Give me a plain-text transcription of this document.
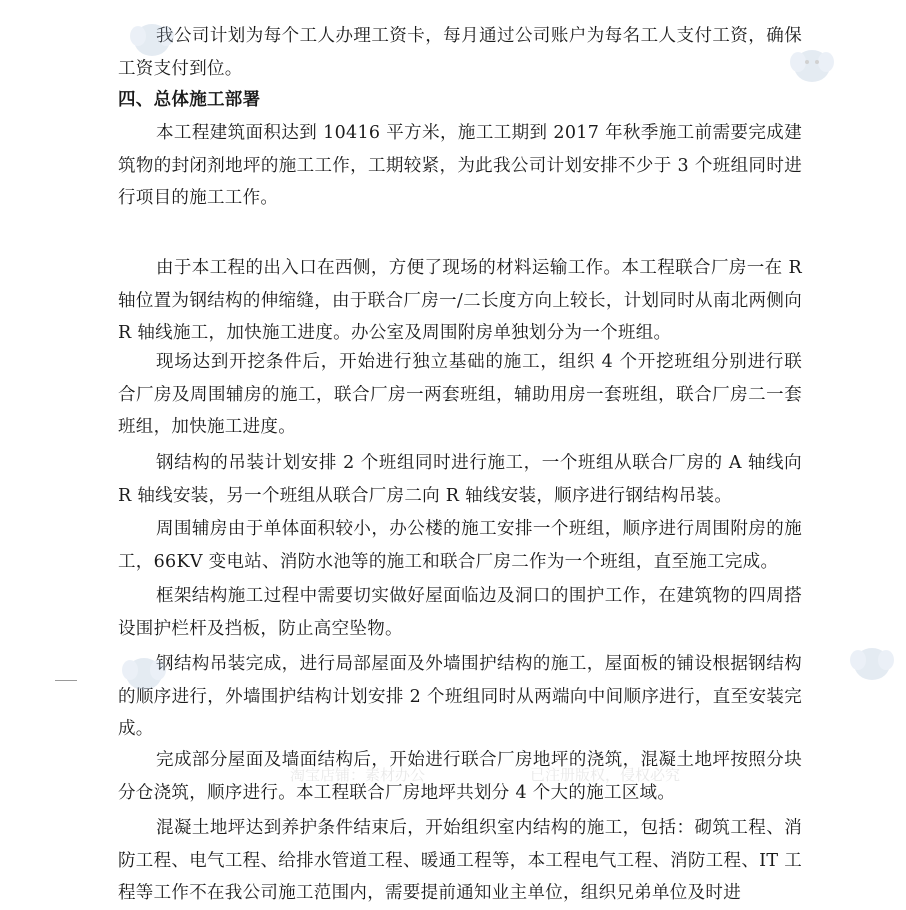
我公司计划为每个工人办理工资卡，每月通过公司账户为每名工人支付工资，确保工资支付到位。

四、总体施工部署

本工程建筑面积达到 10416 平方米，施工工期到 2017 年秋季施工前需要完成建筑物的封闭剂地坪的施工工作，工期较紧，为此我公司计划安排不少于 3 个班组同时进行项目的施工工作。

由于本工程的出入口在西侧，方便了现场的材料运输工作。本工程联合厂房一在 R 轴位置为钢结构的伸缩缝，由于联合厂房一/二长度方向上较长，计划同时从南北两侧向 R 轴线施工，加快施工进度。办公室及周围附房单独划分为一个班组。

现场达到开挖条件后，开始进行独立基础的施工，组织 4 个开挖班组分别进行联合厂房及周围辅房的施工，联合厂房一两套班组，辅助用房一套班组，联合厂房二一套班组，加快施工进度。

钢结构的吊装计划安排 2 个班组同时进行施工，一个班组从联合厂房的 A 轴线向 R 轴线安装，另一个班组从联合厂房二向 R 轴线安装，顺序进行钢结构吊装。

周围辅房由于单体面积较小，办公楼的施工安排一个班组，顺序进行周围附房的施工，66KV 变电站、消防水池等的施工和联合厂房二作为一个班组，直至施工完成。

框架结构施工过程中需要切实做好屋面临边及洞口的围护工作，在建筑物的四周搭设围护栏杆及挡板，防止高空坠物。

钢结构吊装完成，进行局部屋面及外墙围护结构的施工，屋面板的铺设根据钢结构的顺序进行，外墙围护结构计划安排 2 个班组同时从两端向中间顺序进行，直至安装完成。

完成部分屋面及墙面结构后，开始进行联合厂房地坪的浇筑，混凝土地坪按照分块分仓浇筑，顺序进行。本工程联合厂房地坪共划分 4 个大的施工区域。

混凝土地坪达到养护条件结束后，开始组织室内结构的施工，包括：砌筑工程、消防工程、电气工程、给排水管道工程、暖通工程等，本工程电气工程、消防工程、IT 工程等工作不在我公司施工范围内，需要提前通知业主单位，组织兄弟单位及时进

淘宝店铺：素材办公	已注册版权，侵权必究
